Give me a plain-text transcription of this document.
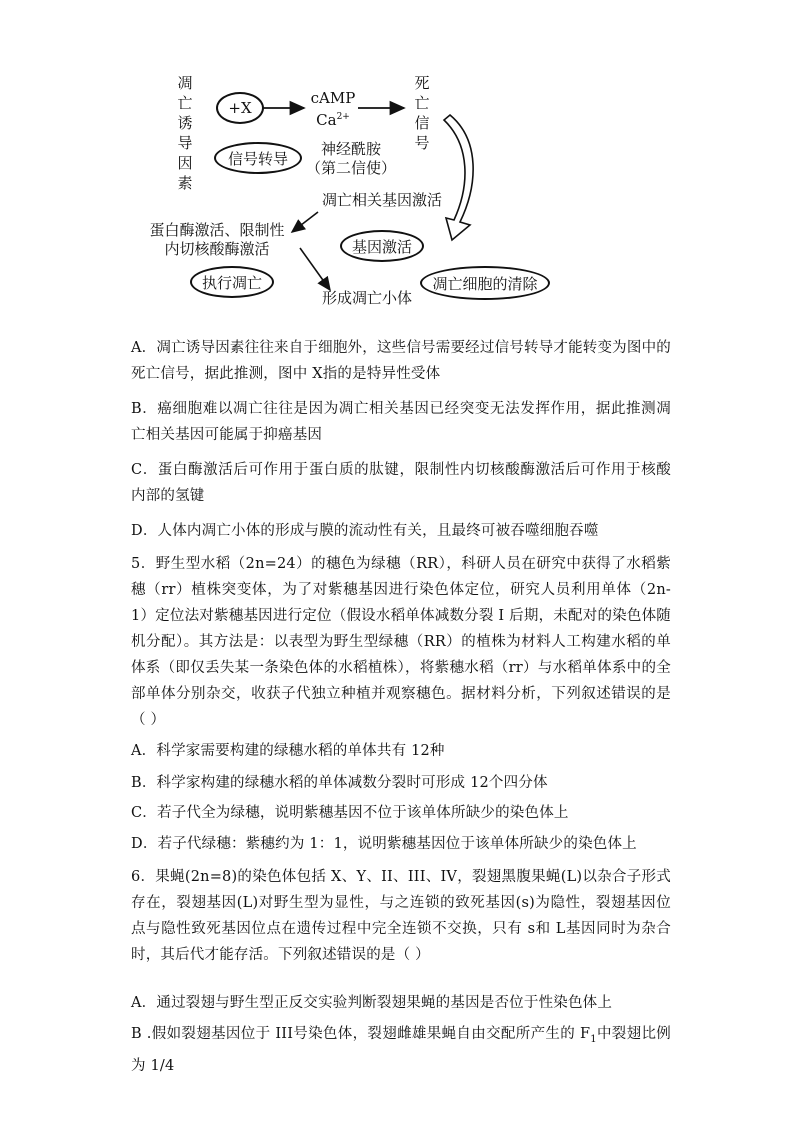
凋亡诱导因素
+X
cAMP
$Ca^{2+}$
死亡信号
信号转导
神经酰胺
（第二信使）
凋亡相关基因激活
蛋白酶激活、限制性
内切核酸酶激活	基因激活
执行凋亡
形成凋亡小体
凋亡细胞的清除

A．凋亡诱导因素往往来自于细胞外，这些信号需要经过信号转导才能转变为图中的死亡信号，据此推测，图中 X指的是特异性受体

B．癌细胞难以凋亡往往是因为凋亡相关基因已经突变无法发挥作用，据此推测凋亡相关基因可能属于抑癌基因

C．蛋白酶激活后可作用于蛋白质的肽键，限制性内切核酸酶激活后可作用于核酸内部的氢键

D．人体内凋亡小体的形成与膜的流动性有关，且最终可被吞噬细胞吞噬

5．野生型水稻（2n=24）的穗色为绿穗（RR），科研人员在研究中获得了水稻紫穗（rr）植株突变体，为了对紫穗基因进行染色体定位，研究人员利用单体（2n-1）定位法对紫穗基因进行定位（假设水稻单体减数分裂 I 后期，未配对的染色体随机分配）。其方法是：以表型为野生型绿穗（RR）的植株为材料人工构建水稻的单体系（即仅丢失某一条染色体的水稻植株），将紫穗水稻（rr）与水稻单体系中的全部单体分别杂交，收获子代独立种植并观察穗色。据材料分析，下列叙述错误的是（ ）

A．科学家需要构建的绿穗水稻的单体共有 12种

B．科学家构建的绿穗水稻的单体减数分裂时可形成 12个四分体

C．若子代全为绿穗，说明紫穗基因不位于该单体所缺少的染色体上

D．若子代绿穗：紫穗约为 1：1，说明紫穗基因位于该单体所缺少的染色体上

6．果蝇(2n=8)的染色体包括 X、Y、II、III、IV，裂翅黑腹果蝇(L)以杂合子形式存在，裂翅基因(L)对野生型为显性，与之连锁的致死基因(s)为隐性，裂翅基因位点与隐性致死基因位点在遗传过程中完全连锁不交换，只有 s和 L基因同时为杂合时，其后代才能存活。下列叙述错误的是（ ）

A．通过裂翅与野生型正反交实验判断裂翅果蝇的基因是否位于性染色体上

B .假如裂翅基因位于 III号染色体，裂翅雌雄果蝇自由交配所产生的 $F_1$中裂翅比例为 1/4
